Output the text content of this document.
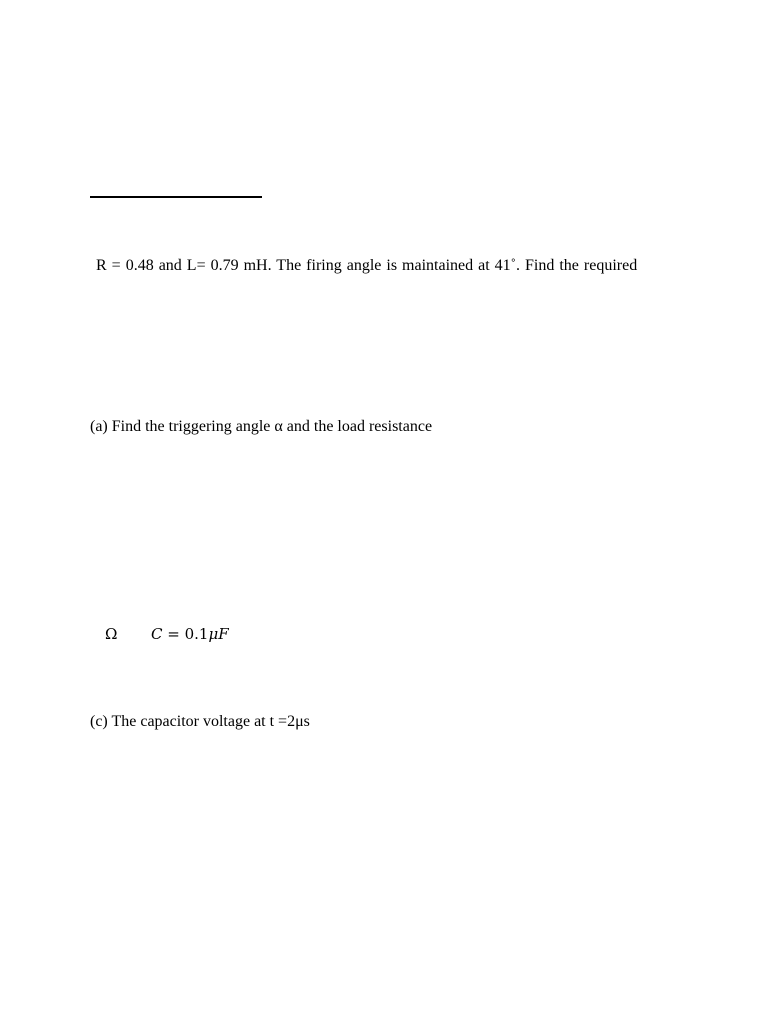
R = 0.48 and L= 0.79 mH. The firing angle is maintained at 41˚. Find the required
(a) Find the triggering angle α and the load resistance
Ω C = 0.1μF
(c) The capacitor voltage at t =2μs
